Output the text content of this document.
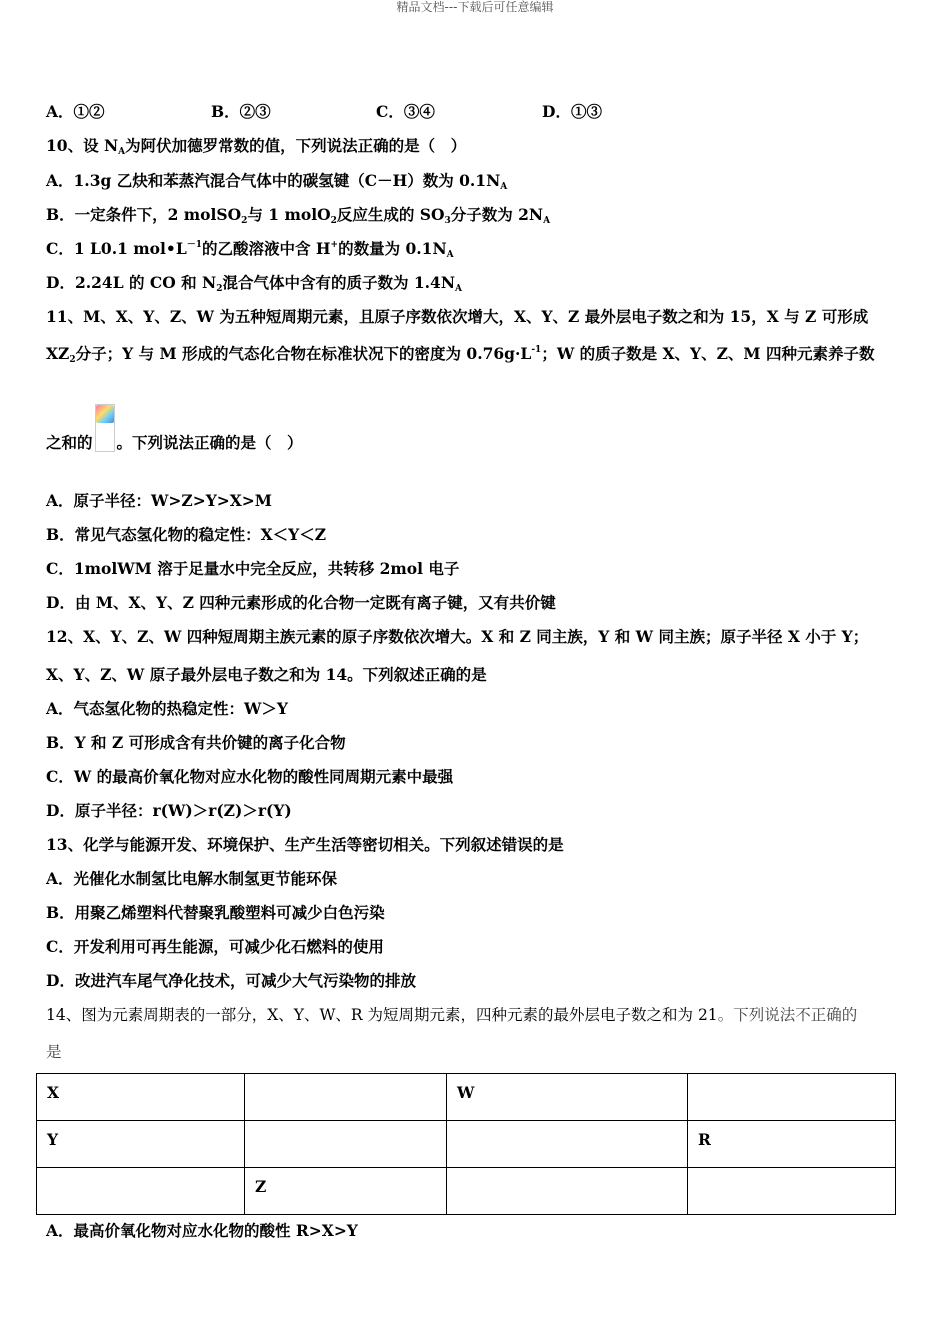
精品文档---下载后可任意编辑
A．①②	B．②③	C．③④	D．①③
10、设 $N_A$为阿伏加德罗常数的值，下列说法正确的是（　）
A．1.3g 乙炔和苯蒸汽混合气体中的碳氢键（C－H）数为 $0.1N_A$
B．一定条件下，2 molSO$_2$与 1 molO$_2$反应生成的 $SO_3$分子数为 $2N_A$
C．1 L0.1 $mol•L^{-1}$的乙酸溶液中含 H+的数量为 $0.1N_A$
D．2.24L 的 CO 和 $N_2$混合气体中含有的质子数为 $1.4N_A$
11、M、X、Y、Z、W 为五种短周期元素，且原子序数依次增大，X、Y、Z 最外层电子数之和为 15，X 与 Z 可形成
$XZ_2$分子；Y 与 M 形成的气态化合物在标准状况下的密度为 $0.76g\cdot L^{-1}$；W 的质子数是 X、Y、Z、M 四种元素养子数
之和的 。下列说法正确的是（　）
A．原子半径：W>Z>Y>X>M
B．常见气态氢化物的稳定性：X＜Y＜Z
C．1molWM 溶于足量水中完全反应，共转移 2mol 电子
D．由 M、X、Y、Z 四种元素形成的化合物一定既有离子键，又有共价键
12、X、Y、Z、W 四种短周期主族元素的原子序数依次增大。X 和 Z 同主族，Y 和 W 同主族；原子半径 X 小于 Y；
X、Y、Z、W 原子最外层电子数之和为 14。下列叙述正确的是
A．气态氢化物的热稳定性：W＞Y
B．Y 和 Z 可形成含有共价键的离子化合物
C．W 的最高价氧化物对应水化物的酸性同周期元素中最强
D．原子半径：r(W)＞r(Z)＞r(Y)
13、化学与能源开发、环境保护、生产生活等密切相关。下列叙述错误的是
A．光催化水制氢比电解水制氢更节能环保
B．用聚乙烯塑料代替聚乳酸塑料可减少白色污染
C．开发利用可再生能源，可减少化石燃料的使用
D．改进汽车尾气净化技术，可减少大气污染物的排放
14、图为元素周期表的一部分，X、Y、W、R 为短周期元素，四种元素的最外层电子数之和为 21。下列说法不正确的
是
X		W	
Y			R
	Z		
A．最高价氧化物对应水化物的酸性 R>X>Y
